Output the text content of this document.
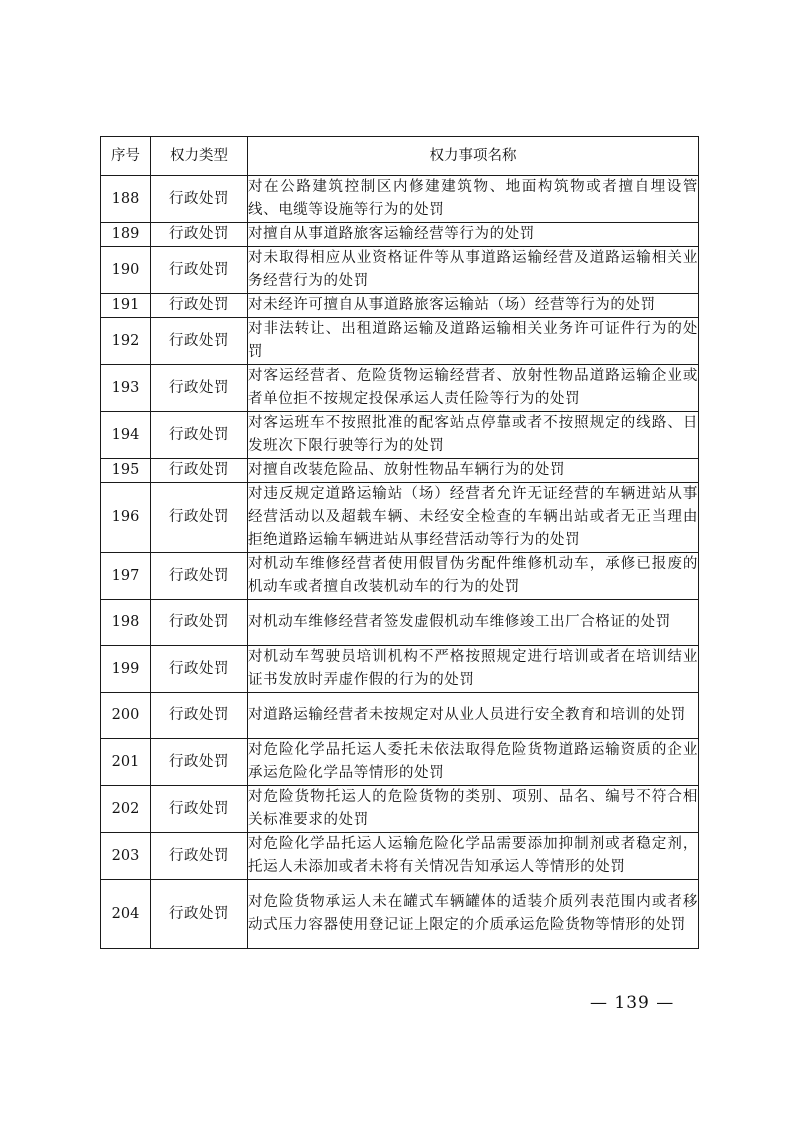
序号	权力类型	权力事项名称
188	行政处罚	对在公路建筑控制区内修建建筑物、地面构筑物或者擅自埋设管线、电缆等设施等行为的处罚
189	行政处罚	对擅自从事道路旅客运输经营等行为的处罚
190	行政处罚	对未取得相应从业资格证件等从事道路运输经营及道路运输相关业务经营行为的处罚
191	行政处罚	对未经许可擅自从事道路旅客运输站（场）经营等行为的处罚
192	行政处罚	对非法转让、出租道路运输及道路运输相关业务许可证件行为的处罚
193	行政处罚	对客运经营者、危险货物运输经营者、放射性物品道路运输企业或者单位拒不按规定投保承运人责任险等行为的处罚
194	行政处罚	对客运班车不按照批准的配客站点停靠或者不按照规定的线路、日发班次下限行驶等行为的处罚
195	行政处罚	对擅自改装危险品、放射性物品车辆行为的处罚
196	行政处罚	对违反规定道路运输站（场）经营者允许无证经营的车辆进站从事经营活动以及超载车辆、未经安全检查的车辆出站或者无正当理由拒绝道路运输车辆进站从事经营活动等行为的处罚
197	行政处罚	对机动车维修经营者使用假冒伪劣配件维修机动车，承修已报废的机动车或者擅自改装机动车的行为的处罚
198	行政处罚	对机动车维修经营者签发虚假机动车维修竣工出厂合格证的处罚
199	行政处罚	对机动车驾驶员培训机构不严格按照规定进行培训或者在培训结业证书发放时弄虚作假的行为的处罚
200	行政处罚	对道路运输经营者未按规定对从业人员进行安全教育和培训的处罚
201	行政处罚	对危险化学品托运人委托未依法取得危险货物道路运输资质的企业承运危险化学品等情形的处罚
202	行政处罚	对危险货物托运人的危险货物的类别、项别、品名、编号不符合相关标准要求的处罚
203	行政处罚	对危险化学品托运人运输危险化学品需要添加抑制剂或者稳定剂，托运人未添加或者未将有关情况告知承运人等情形的处罚
204	行政处罚	对危险货物承运人未在罐式车辆罐体的适装介质列表范围内或者移动式压力容器使用登记证上限定的介质承运危险货物等情形的处罚
— 139 —
